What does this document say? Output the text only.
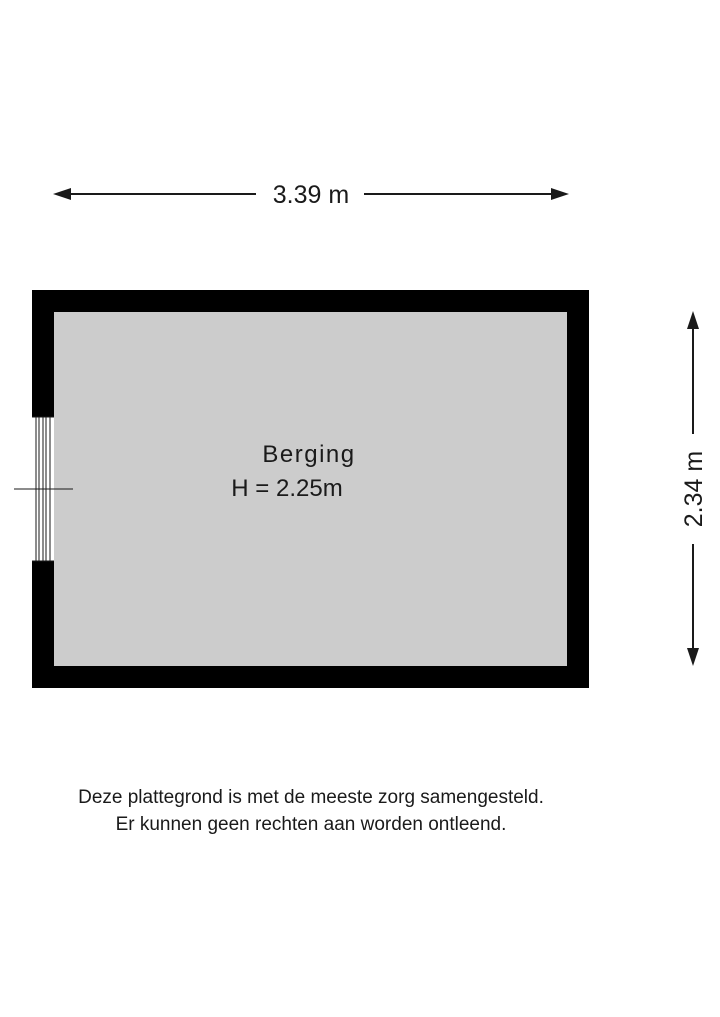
3.39 m
2.34 m
Berging
H = 2.25m
Deze plattegrond is met de meeste zorg samengesteld.
Er kunnen geen rechten aan worden ontleend.
